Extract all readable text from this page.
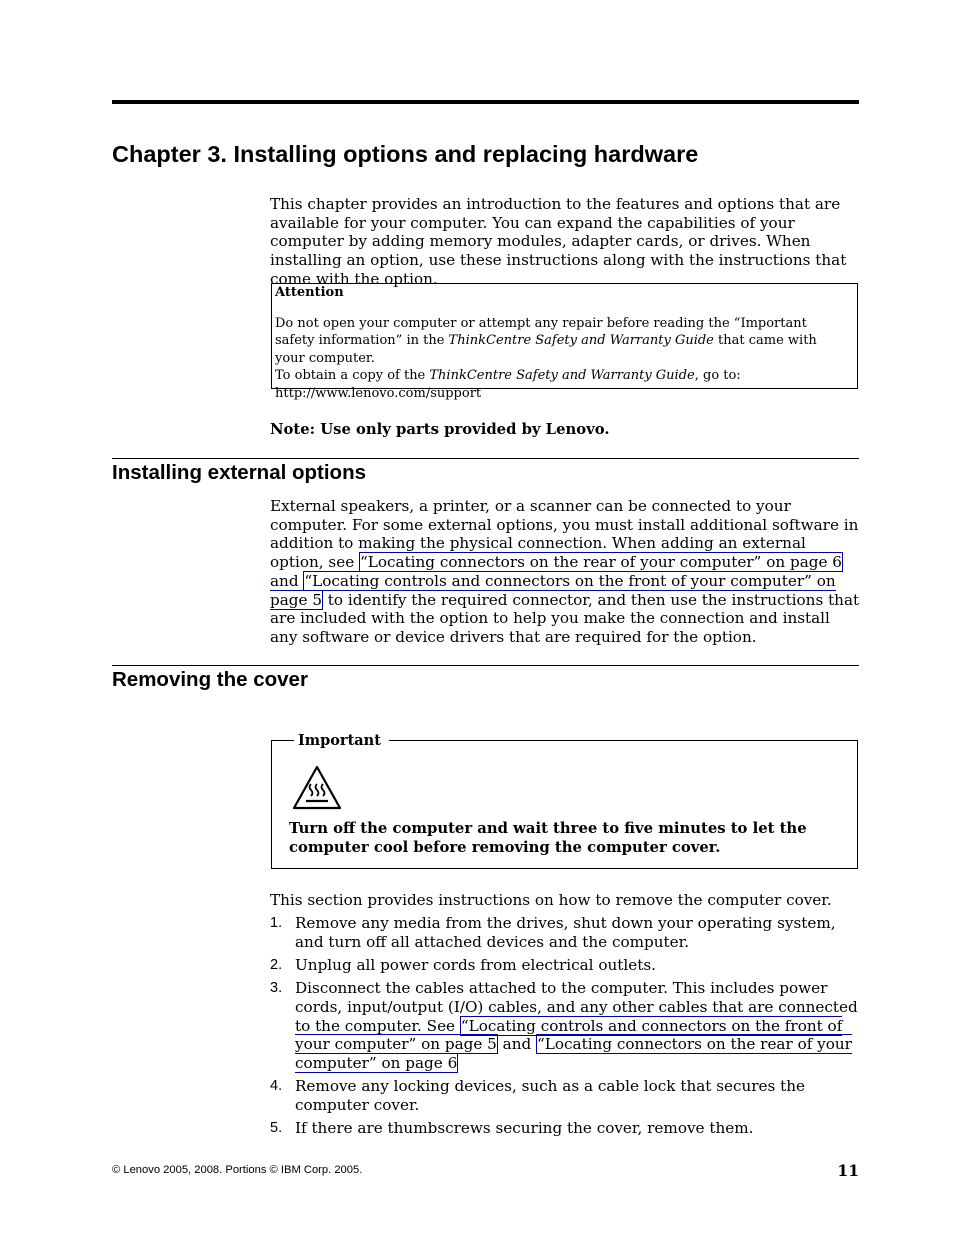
Chapter 3. Installing options and replacing hardware

This chapter provides an introduction to the features and options that are available for your computer. You can expand the capabilities of your computer by adding memory modules, adapter cards, or drives. When installing an option, use these instructions along with the instructions that come with the option.

Attention

Do not open your computer or attempt any repair before reading the “Important safety information” in the ThinkCentre Safety and Warranty Guide that came with your computer.
To obtain a copy of the ThinkCentre Safety and Warranty Guide, go to:
http://www.lenovo.com/support

Note: Use only parts provided by Lenovo.
Installing external options

External speakers, a printer, or a scanner can be connected to your computer. For some external options, you must install additional software in addition to making the physical connection. When adding an external option, see “Locating connectors on the rear of your computer” on page 6 and “Locating controls and connectors on the front of your computer” on page 5 to identify the required connector, and then use the instructions that are included with the option to help you make the connection and install any software or device drivers that are required for the option.

Removing the cover
Important
Turn off the computer and wait three to five minutes to let the computer cool before removing the computer cover.

This section provides instructions on how to remove the computer cover.

1. Remove any media from the drives, shut down your operating system, and turn off all attached devices and the computer.
2. Unplug all power cords from electrical outlets.
3. Disconnect the cables attached to the computer. This includes power cords, input/output (I/O) cables, and any other cables that are connected to the computer. See “Locating controls and connectors on the front of your computer” on page 5 and “Locating connectors on the rear of your computer” on page 6
4. Remove any locking devices, such as a cable lock that secures the computer cover.
5. If there are thumbscrews securing the cover, remove them.
© Lenovo 2005, 2008. Portions © IBM Corp. 2005.	11
